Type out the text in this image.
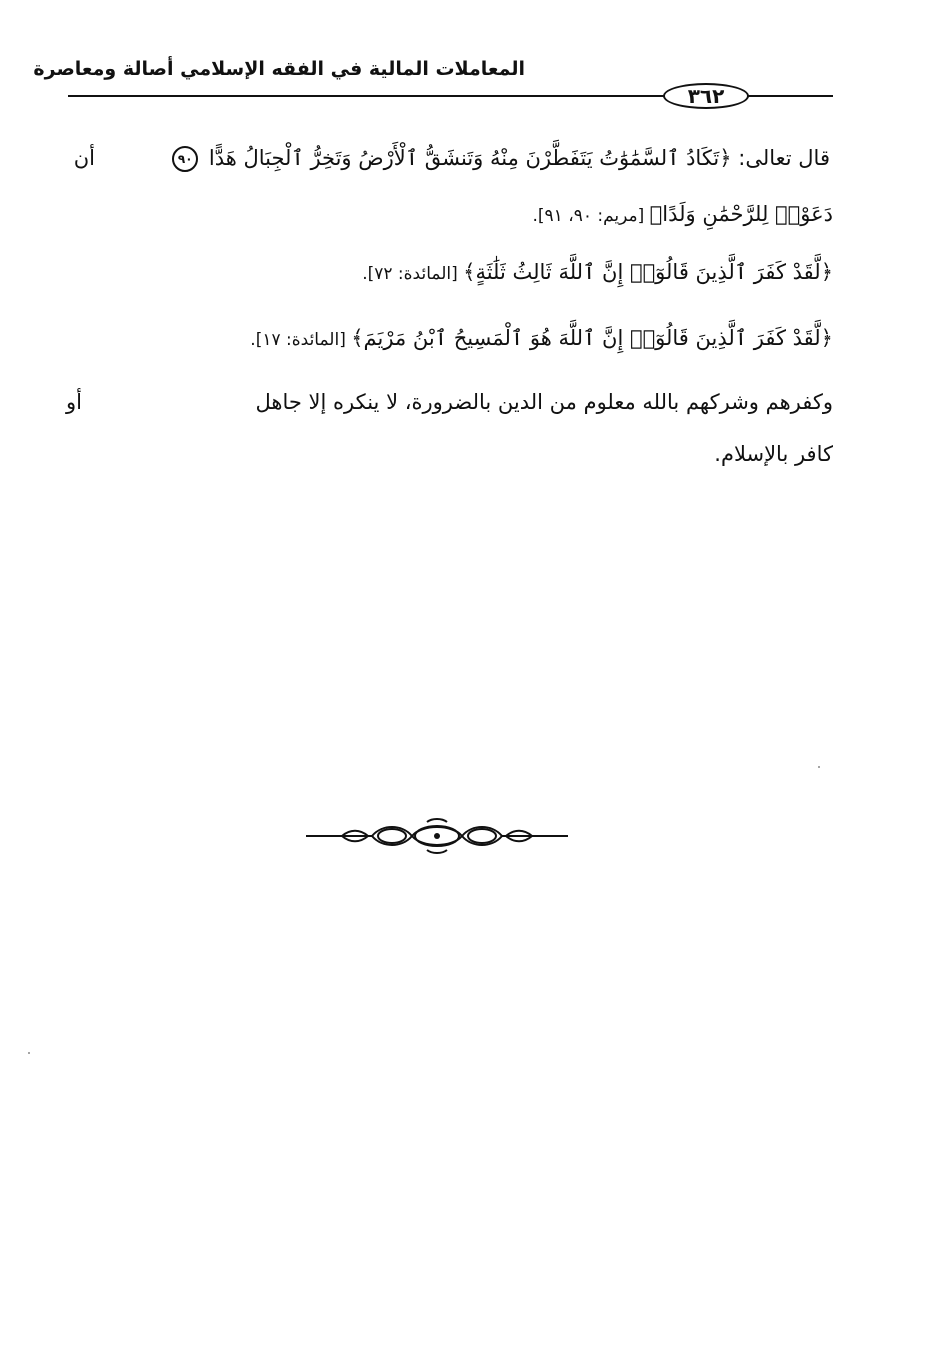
المعاملات المالية في الفقه الإسلامي أصالة ومعاصرة
٣٦٢
قال تعالى: ﴿تَكَادُ ٱلسَّمَٰوَٰتُ يَتَفَطَّرْنَ مِنْهُ وَتَنشَقُّ ٱلْأَرْضُ وَتَخِرُّ ٱلْجِبَالُ هَدًّا ٩٠
أن
دَعَوْا۟ لِلرَّحْمَٰنِ وَلَدًا﴾ [مريم: ٩٠، ٩١].
﴿لَّقَدْ كَفَرَ ٱلَّذِينَ قَالُوٓا۟ إِنَّ ٱللَّهَ ثَالِثُ ثَلَٰثَةٍ﴾ [المائدة: ٧٢].
﴿لَّقَدْ كَفَرَ ٱلَّذِينَ قَالُوٓا۟ إِنَّ ٱللَّهَ هُوَ ٱلْمَسِيحُ ٱبْنُ مَرْيَمَ﴾ [المائدة: ١٧].
وكفرهم وشركهم بالله معلوم من الدين بالضرورة، لا ينكره إلا جاهل
أو
كافر بالإسلام.
